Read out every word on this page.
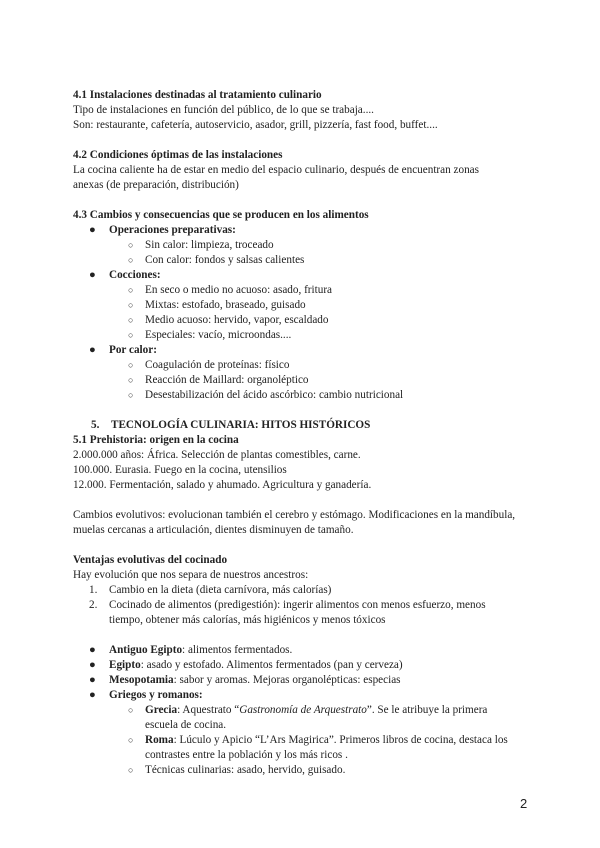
4.1 Instalaciones destinadas al tratamiento culinario

Tipo de instalaciones en función del público, de lo que se trabaja....

Son: restaurante, cafetería, autoservicio, asador, grill, pizzería, fast food, buffet....

4.2 Condiciones óptimas de las instalaciones

La cocina caliente ha de estar en medio del espacio culinario, después de encuentran zonas

anexas (de preparación, distribución)

4.3 Cambios y consecuencias que se producen en los alimentos

● Operaciones preparativas:
○ Sin calor: limpieza, troceado
○ Con calor: fondos y salsas calientes
● Cocciones:
○ En seco o medio no acuoso: asado, fritura
○ Mixtas: estofado, braseado, guisado
○ Medio acuoso: hervido, vapor, escaldado
○ Especiales: vacío, microondas....
● Por calor:
○ Coagulación de proteínas: físico
○ Reacción de Maillard: organoléptico
○ Desestabilización del ácido ascórbico: cambio nutricional

5. TECNOLOGÍA CULINARIA: HITOS HISTÓRICOS

5.1 Prehistoria: origen en la cocina

2.000.000 años: África. Selección de plantas comestibles, carne.

100.000. Eurasia. Fuego en la cocina, utensilios

12.000. Fermentación, salado y ahumado. Agricultura y ganadería.

Cambios evolutivos: evolucionan también el cerebro y estómago. Modificaciones en la mandíbula,

muelas cercanas a articulación, dientes disminuyen de tamaño.

Ventajas evolutivas del cocinado

Hay evolución que nos separa de nuestros ancestros:

1. Cambio en la dieta (dieta carnívora, más calorías)
2. Cocinado de alimentos (predigestión): ingerir alimentos con menos esfuerzo, menos
tiempo, obtener más calorías, más higiénicos y menos tóxicos
● Antiguo Egipto: alimentos fermentados.
● Egipto: asado y estofado. Alimentos fermentados (pan y cerveza)
● Mesopotamia: sabor y aromas. Mejoras organolépticas: especias
● Griegos y romanos:
○ Grecia: Aquestrato “Gastronomía de Arquestrato”. Se le atribuye la primera
escuela de cocina.
○ Roma: Lúculo y Apicio “L’Ars Magirica”. Primeros libros de cocina, destaca los
contrastes entre la población y los más ricos .
○ Técnicas culinarias: asado, hervido, guisado.
2
